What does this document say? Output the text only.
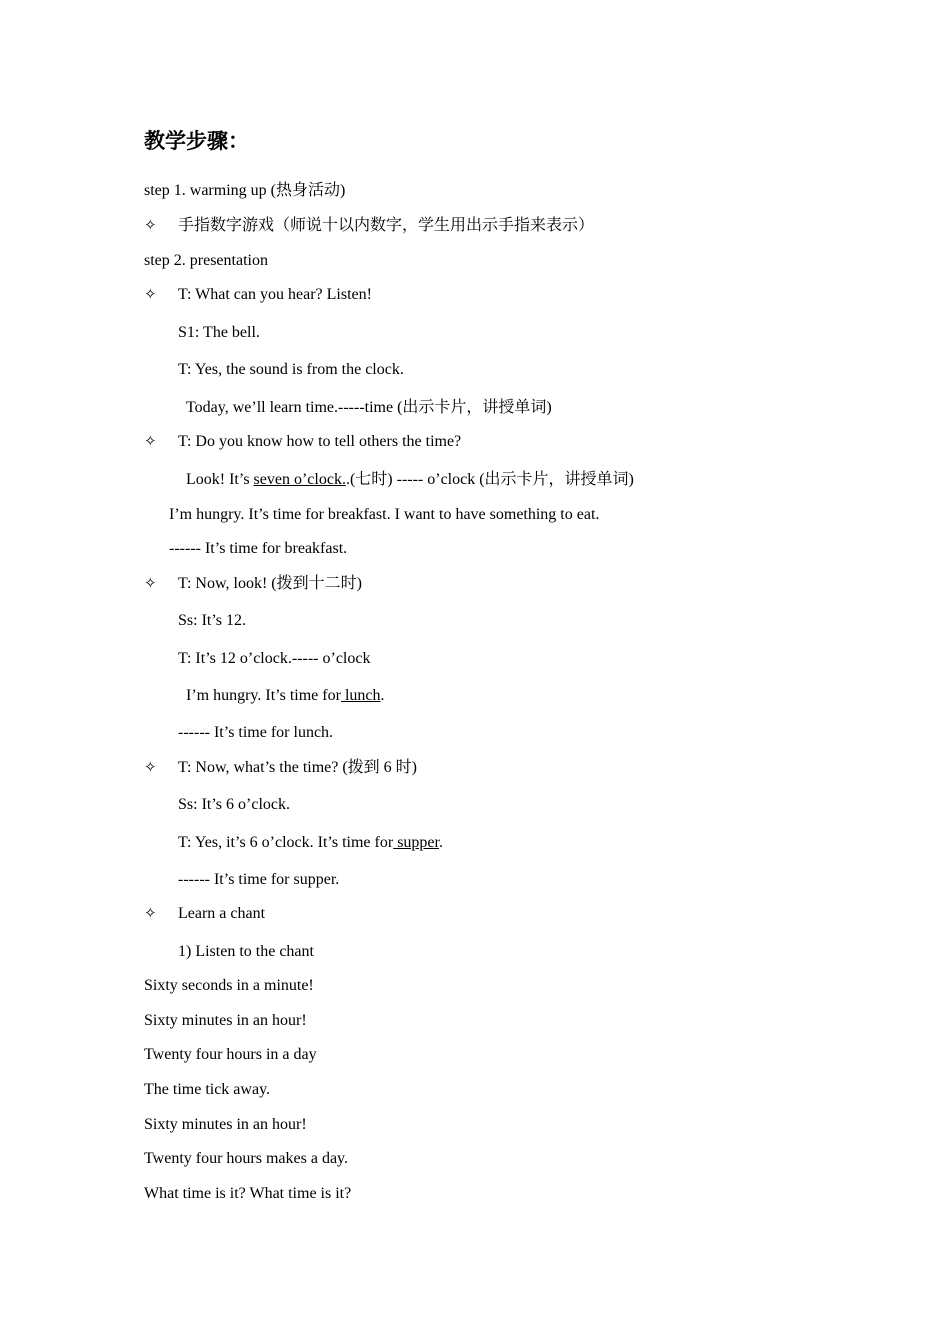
教学步骤：
step 1. warming up (热身活动)
✧ 手指数字游戏（师说十以内数字，学生用出示手指来表示）
step 2. presentation
✧ T: What can you hear? Listen!
S1: The bell.
T: Yes, the sound is from the clock.
Today, we’ll learn time.-----time (出示卡片，讲授单词)
✧ T: Do you know how to tell others the time?
Look! It’s seven o’clock..(七时) ----- o’clock (出示卡片，讲授单词)
I’m hungry. It’s time for breakfast. I want to have something to eat.
------ It’s time for breakfast.
✧ T: Now, look! (拨到十二时)
Ss: It’s 12.
T: It’s 12 o’clock.----- o’clock
I’m hungry. It’s time for lunch.
------ It’s time for lunch.
✧ T: Now, what’s the time? (拨到 6 时)
Ss: It’s 6 o’clock.
T: Yes, it’s 6 o’clock. It’s time for supper.
------ It’s time for supper.
✧ Learn a chant
1) Listen to the chant
Sixty seconds in a minute!
Sixty minutes in an hour!
Twenty four hours in a day
The time tick away.
Sixty minutes in an hour!
Twenty four hours makes a day.
What time is it? What time is it?
